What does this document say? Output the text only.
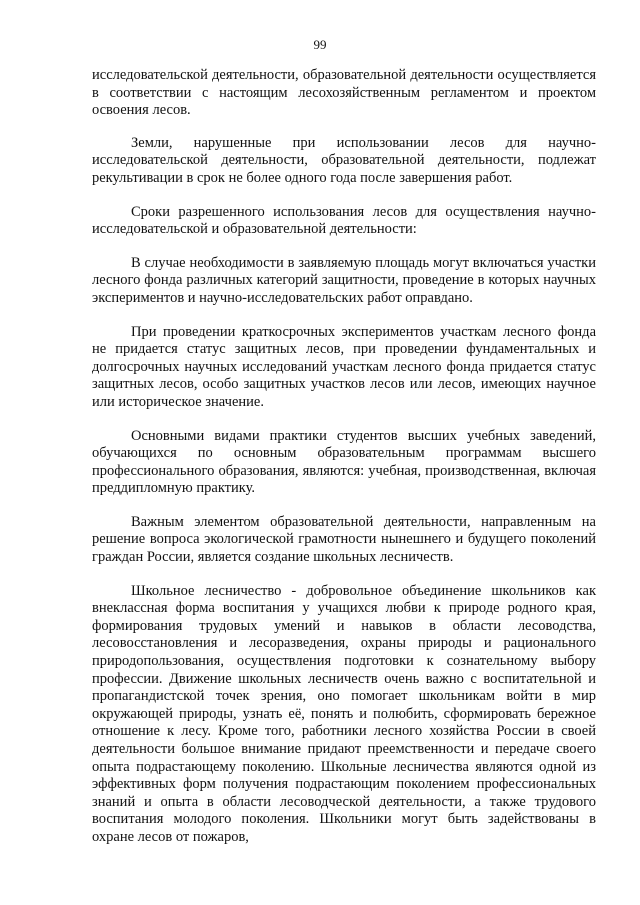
99

исследовательской деятельности, образовательной деятельности осуществляется в соответствии с настоящим лесохозяйственным регламентом и проектом освоения лесов.

Земли, нарушенные при использовании лесов для научно-исследовательской деятельности, образовательной деятельности, подлежат рекультивации в срок не более одного года после завершения работ.

Сроки разрешенного использования лесов для осуществления научно-исследовательской и образовательной деятельности:

В случае необходимости в заявляемую площадь могут включаться участки лесного фонда различных категорий защитности, проведение в которых научных экспериментов и научно-исследовательских работ оправдано.

При проведении краткосрочных экспериментов участкам лесного фонда не придается статус защитных лесов, при проведении фундаментальных и долгосрочных научных исследований участкам лесного фонда придается статус защитных лесов, особо защитных участков лесов или лесов, имеющих научное или историческое значение.

Основными видами практики студентов высших учебных заведений, обучающихся по основным образовательным программам высшего профессионального образования, являются: учебная, производственная, включая преддипломную практику.

Важным элементом образовательной деятельности, направленным на решение вопроса экологической грамотности нынешнего и будущего поколений граждан России, является создание школьных лесничеств.

Школьное лесничество - добровольное объединение школьников как внеклассная форма воспитания у учащихся любви к природе родного края, формирования трудовых умений и навыков в области лесоводства, лесовосстановления и лесоразведения, охраны природы и рационального природопользования, осуществления подготовки к сознательному выбору профессии. Движение школьных лесничеств очень важно с воспитательной и пропагандистской точек зрения, оно помогает школьникам войти в мир окружающей природы, узнать её, понять и полюбить, сформировать бережное отношение к лесу. Кроме того, работники лесного хозяйства России в своей деятельности большое внимание придают преемственности и передаче своего опыта подрастающему поколению. Школьные лесничества являются одной из эффективных форм получения подрастающим поколением профессиональных знаний и опыта в области лесоводческой деятельности, а также трудового воспитания молодого поколения. Школьники могут быть задействованы в охране лесов от пожаров,
